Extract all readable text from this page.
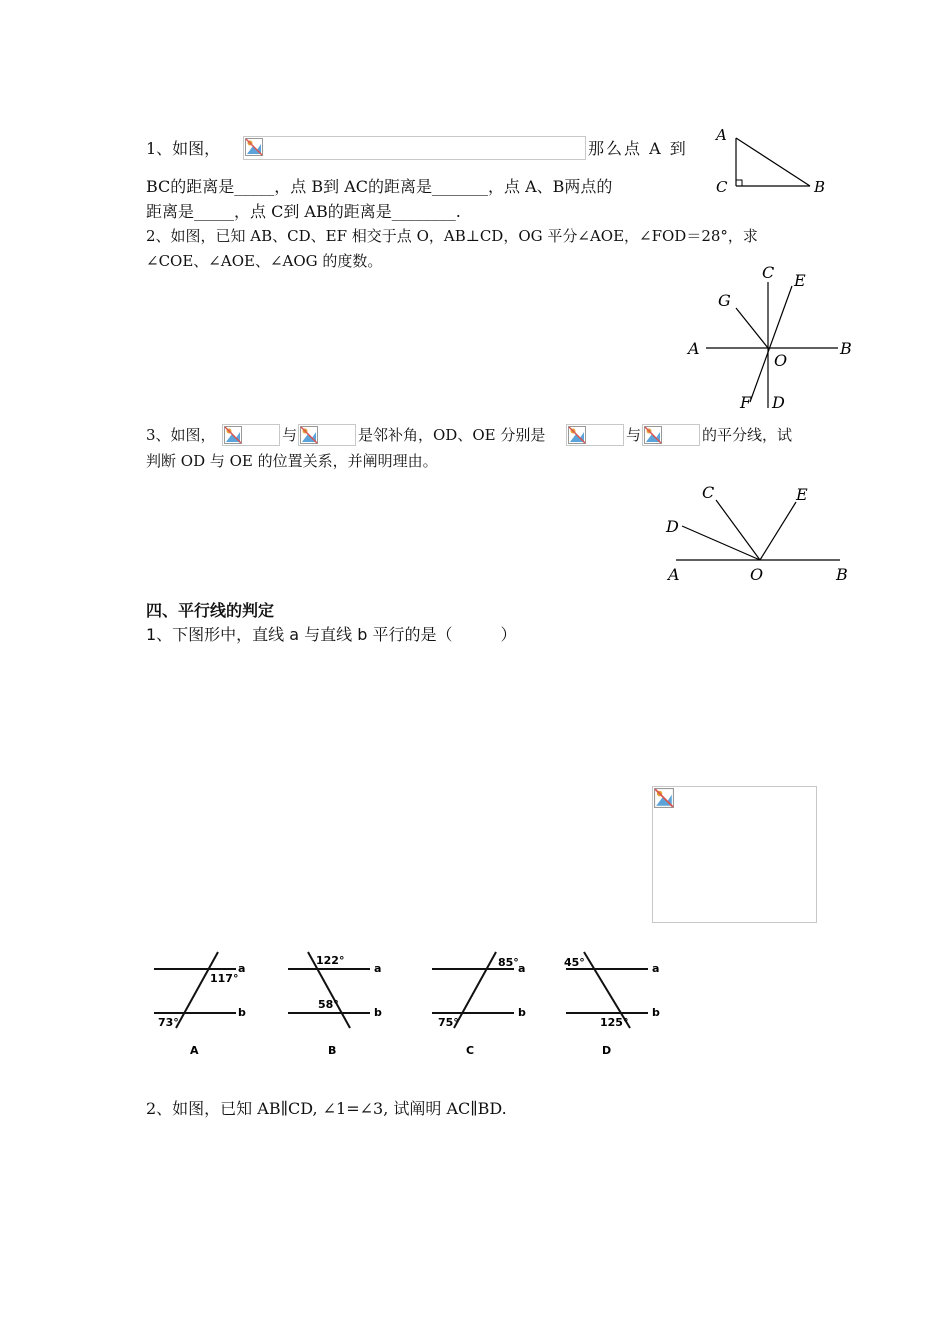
1、如图，	那么点 A 到
BC的距离是_____，点 B到 AC的距离是_______，点 A、B两点的
距离是_____，点 C到 AB的距离是________.
A
C	B
2、如图，已知 AB、CD、EF 相交于点 O，AB⊥CD，OG 平分∠AOE，∠FOD＝28°，求
∠COE、∠AOE、∠AOG 的度数。
C E
G
A
O
B
F D
3、如图，	与	是邻补角，OD、OE 分别是	与	的平分线，试
判断 OD 与 OE 的位置关系，并阐明理由。
C	E
D
A	O	B
四、平行线的判定
1、下图形中，直线 a 与直线 b 平行的是（　　　）
a
b
117°
73°
A
a
b
122°
58°
B
a
b
85°
75°
C
a
b
45°
125°
D
2、如图，已知 AB∥CD, ∠1=∠3, 试阐明 AC∥BD.
